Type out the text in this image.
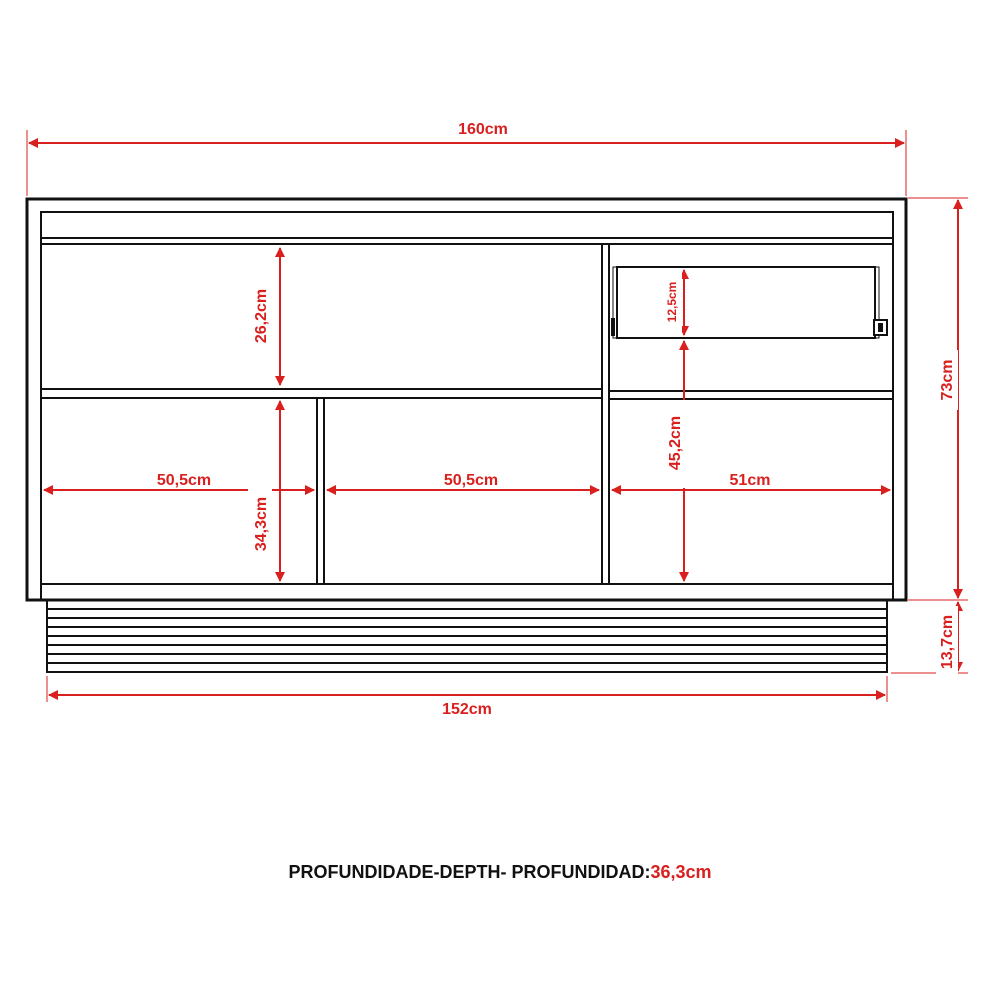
160cm
152cm
50,5cm	50,5cm	51cm
26,2cm
34,3cm
12,5cm
45,2cm
73cm
13,7cm
PROFUNDIDADE-DEPTH- PROFUNDIDAD:36,3cm
